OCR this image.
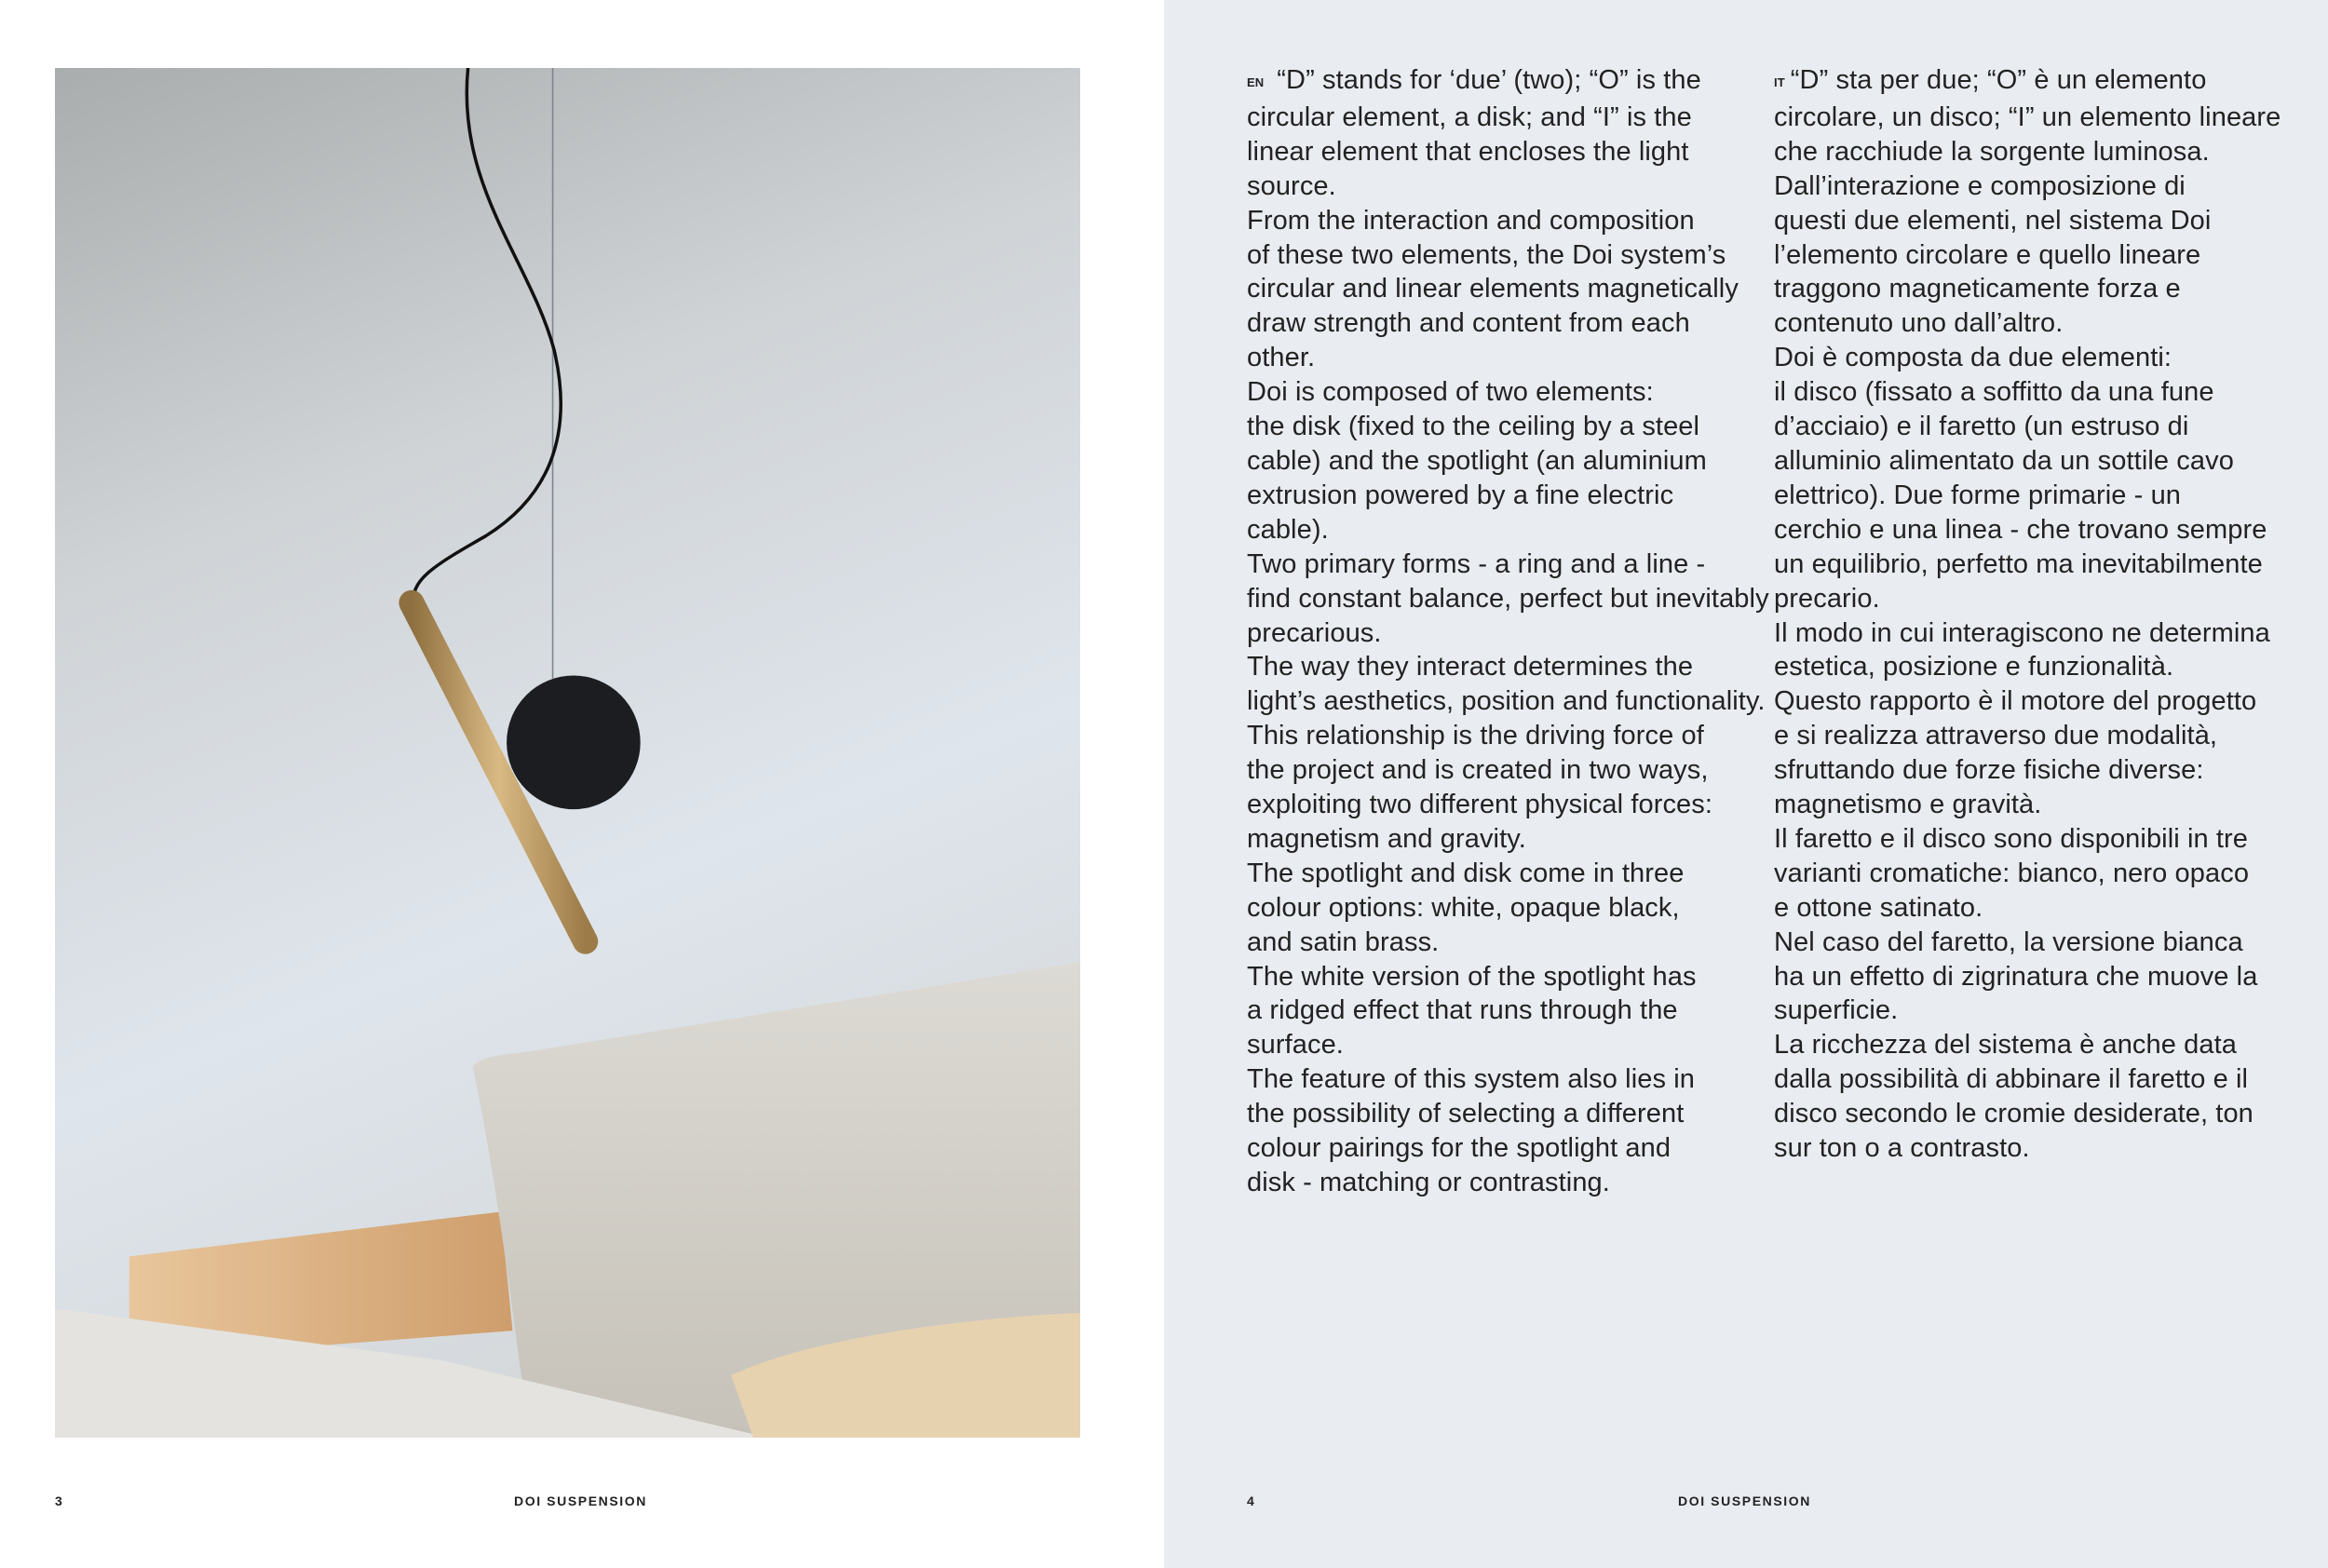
3	DOI SUSPENSION
EN “D” stands for ‘due’ (two); “O” is the

circular element, a disk; and “I” is the
linear element that encloses the light
source.
From the interaction and composition
of these two elements, the Doi system’s
circular and linear elements magnetically
draw strength and content from each
other.
Doi is composed of two elements:
the disk (fixed to the ceiling by a steel
cable) and the spotlight (an aluminium
extrusion powered by a fine electric
cable).
Two primary forms - a ring and a line -
find constant balance, perfect but inevitably
precarious.
The way they interact determines the
light’s aesthetics, position and functionality.
This relationship is the driving force of
the project and is created in two ways,
exploiting two different physical forces:
magnetism and gravity.
The spotlight and disk come in three
colour options: white, opaque black,
and satin brass.
The white version of the spotlight has
a ridged effect that runs through the
surface.
The feature of this system also lies in
the possibility of selecting a different
colour pairings for the spotlight and
disk - matching or contrasting.
IT “D” sta per due; “O” è un elemento

circolare, un disco; “I” un elemento lineare
che racchiude la sorgente luminosa.
Dall’interazione e composizione di
questi due elementi, nel sistema Doi
l’elemento circolare e quello lineare
traggono magneticamente forza e
contenuto uno dall’altro.
Doi è composta da due elementi:
il disco (fissato a soffitto da una fune
d’acciaio) e il faretto (un estruso di
alluminio alimentato da un sottile cavo
elettrico). Due forme primarie - un
cerchio e una linea - che trovano sempre
un equilibrio, perfetto ma inevitabilmente
precario.
Il modo in cui interagiscono ne determina
estetica, posizione e funzionalità.
Questo rapporto è il motore del progetto
e si realizza attraverso due modalità,
sfruttando due forze fisiche diverse:
magnetismo e gravità.
Il faretto e il disco sono disponibili in tre
varianti cromatiche: bianco, nero opaco
e ottone satinato.
Nel caso del faretto, la versione bianca
ha un effetto di zigrinatura che muove la
superficie.
La ricchezza del sistema è anche data
dalla possibilità di abbinare il faretto e il
disco secondo le cromie desiderate, ton
sur ton o a contrasto.
4	DOI SUSPENSION
